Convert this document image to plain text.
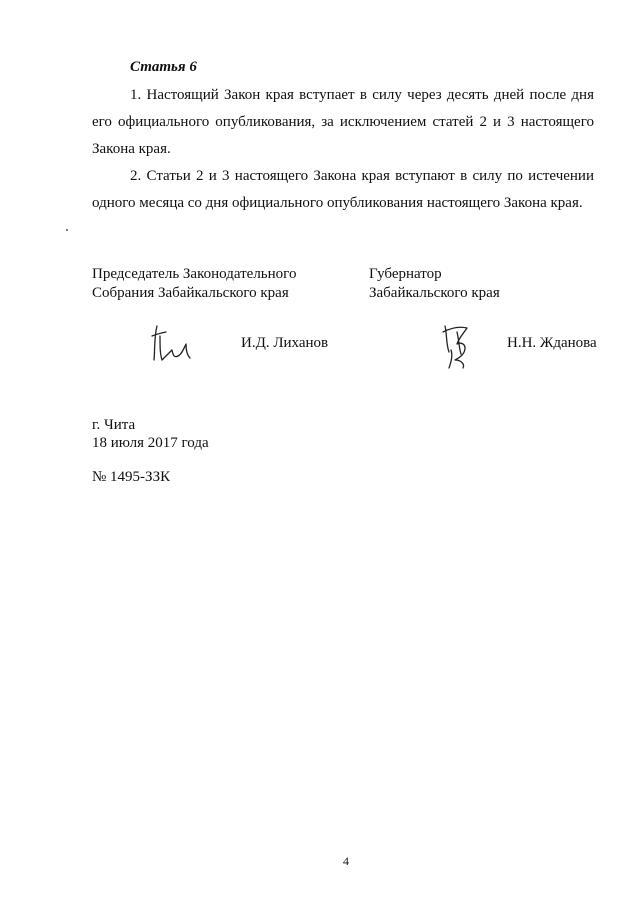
Статья 6
1. Настоящий Закон края вступает в силу через десять дней после дня его официального опубликования, за исключением статей 2 и 3 настоящего Закона края.
2. Статьи 2 и 3 настоящего Закона края вступают в силу по истечении одного месяца со дня официального опубликования настоящего Закона края.
Председатель Законодательного
Собрания Забайкальского края
Губернатор
Забайкальского края
И.Д. Лиханов	Н.Н. Жданова
г. Чита
18 июля 2017 года
№ 1495-ЗЗК
4
